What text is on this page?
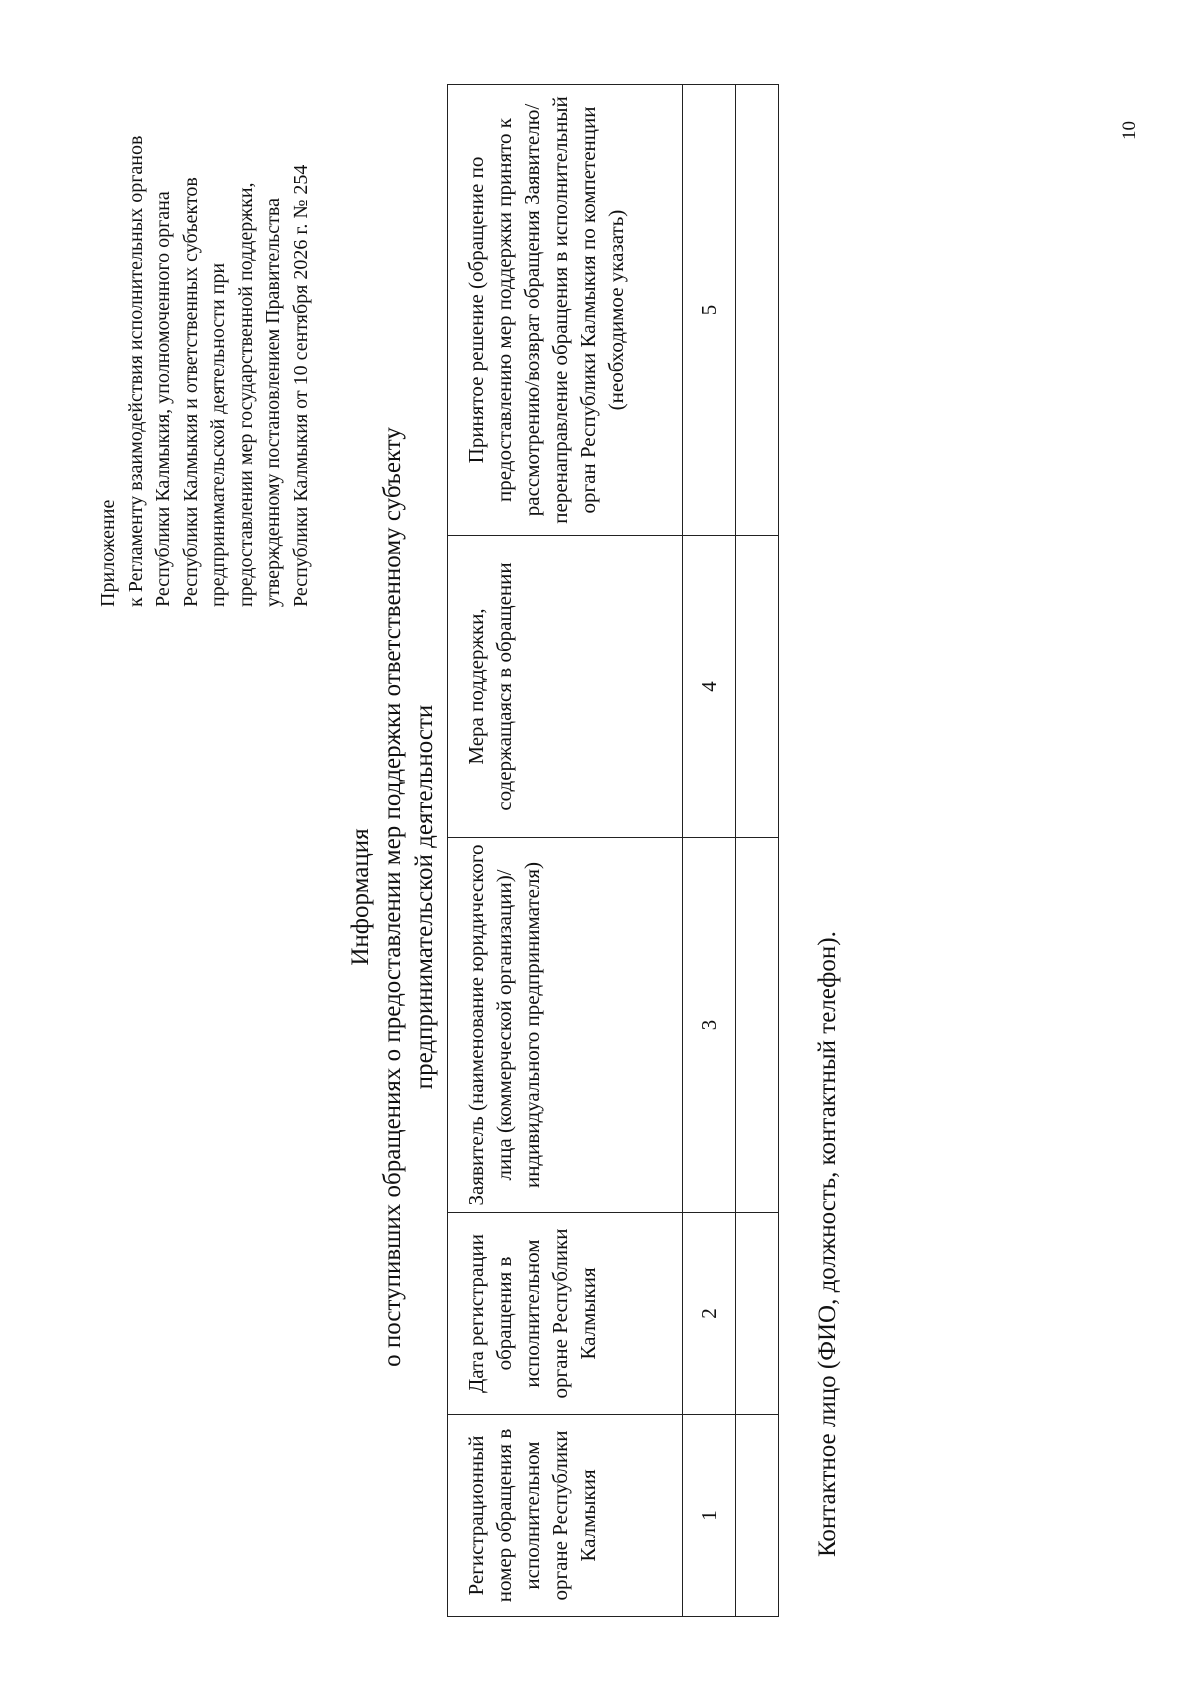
Приложение к Регламенту взаимодействия исполнительных органов Республики Калмыкия, уполномоченного органа Республики Калмыкия и ответственных субъектов предпринимательской деятельности при предоставлении мер государственной поддержки, утвержденному постановлением Правительства Республики Калмыкия от 10 сентября 2026 г. № 254
Информация о поступивших обращениях о предоставлении мер поддержки ответственному субъекту предпринимательской деятельности
Регистрационный номер обращения в исполнительном органе Республики Калмыкия	Дата регистрации обращения в исполнительном органе Республики Калмыкия	Заявитель (наименование юридического лица (коммерческой организации)/индивидуального предпринимателя)	Мера поддержки, содержащаяся в обращении	Принятое решение (обращение по предоставлению мер поддержки принято к рассмотрению/возврат обращения Заявителю/перенаправление обращения в исполнительный орган Республики Калмыкия по компетенции (необходимое указать)
1	2	3	4	5

Контактное лицо (ФИО, должность, контактный телефон).
10
